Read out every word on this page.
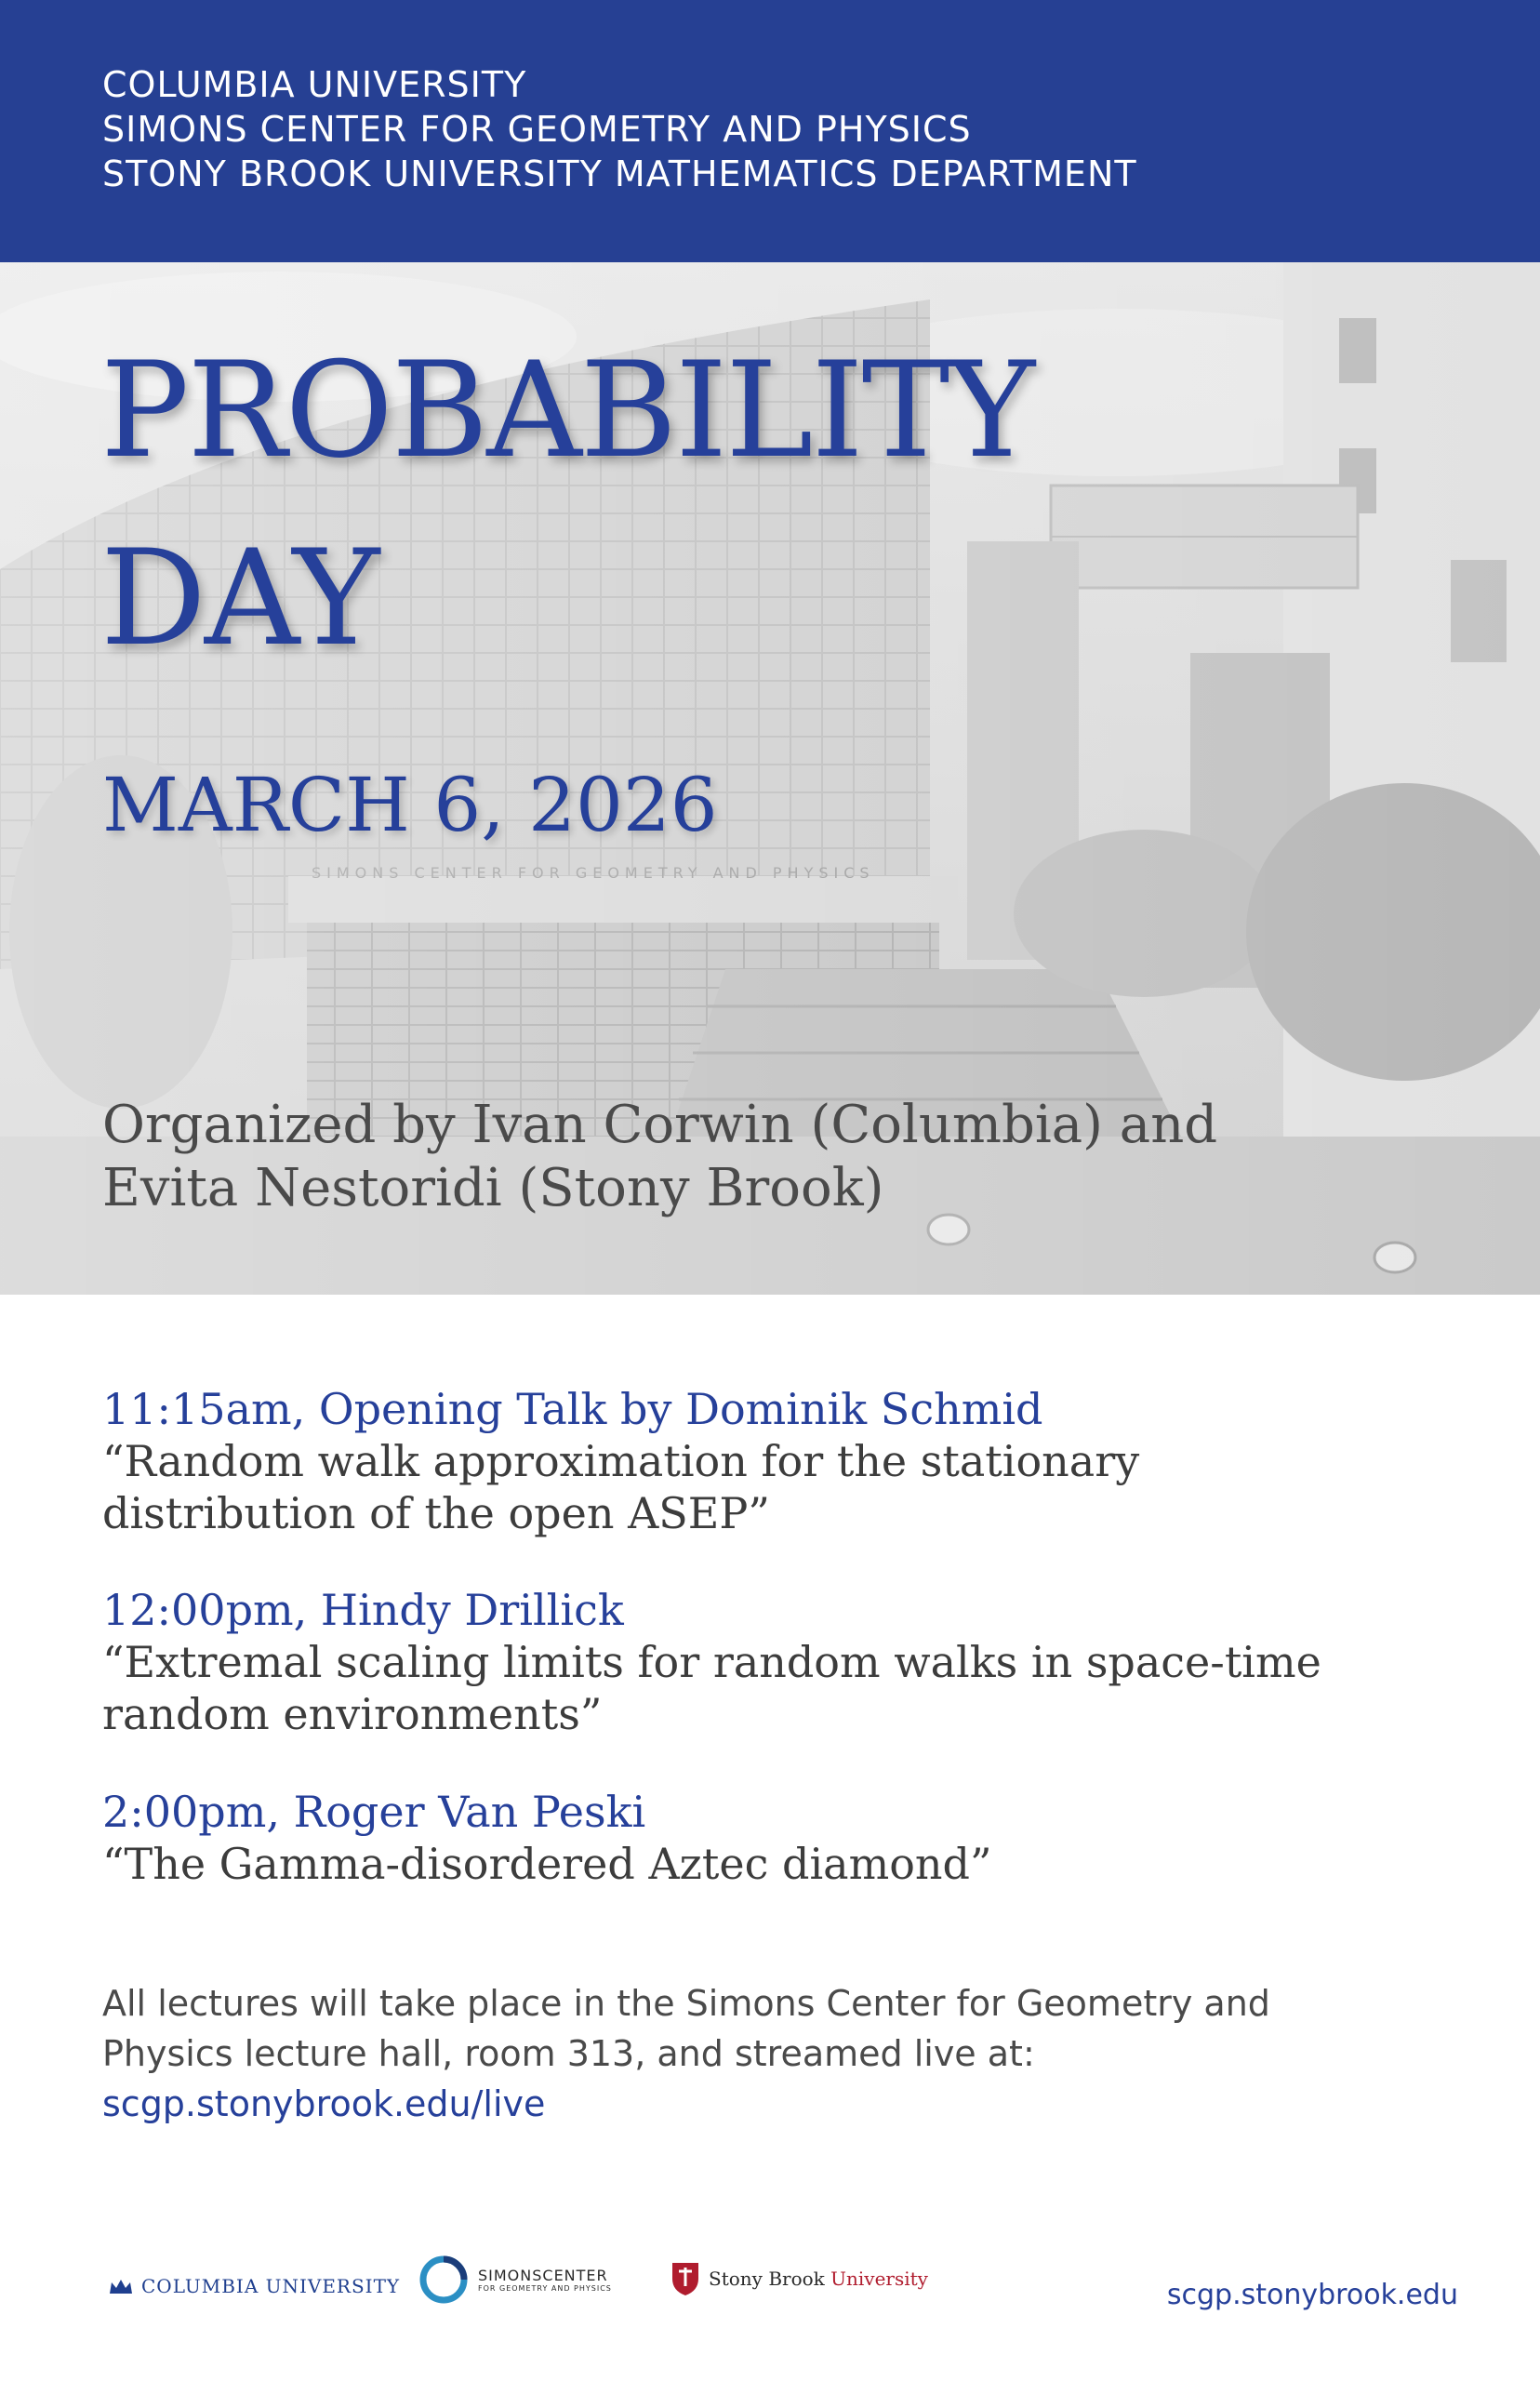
COLUMBIA UNIVERSITY
SIMONS CENTER FOR GEOMETRY AND PHYSICS
STONY BROOK UNIVERSITY MATHEMATICS DEPARTMENT
PROBABILITY
DAY
MARCH 6, 2026
Organized by Ivan Corwin (Columbia) and Evita Nestoridi (Stony Brook)
11:15am, Opening Talk by Dominik Schmid
“Random walk approximation for the stationary distribution of the open ASEP”
12:00pm, Hindy Drillick
“Extremal scaling limits for random walks in space-time random environments”
2:00pm, Roger Van Peski
“The Gamma-disordered Aztec diamond”
All lectures will take place in the Simons Center for Geometry and Physics lecture hall, room 313, and streamed live at:
scgp.stonybrook.edu/live
COLUMBIA UNIVERSITY	SIMONSCENTER
FOR GEOMETRY AND PHYSICS	Stony Brook
University	scgp.stonybrook.edu
